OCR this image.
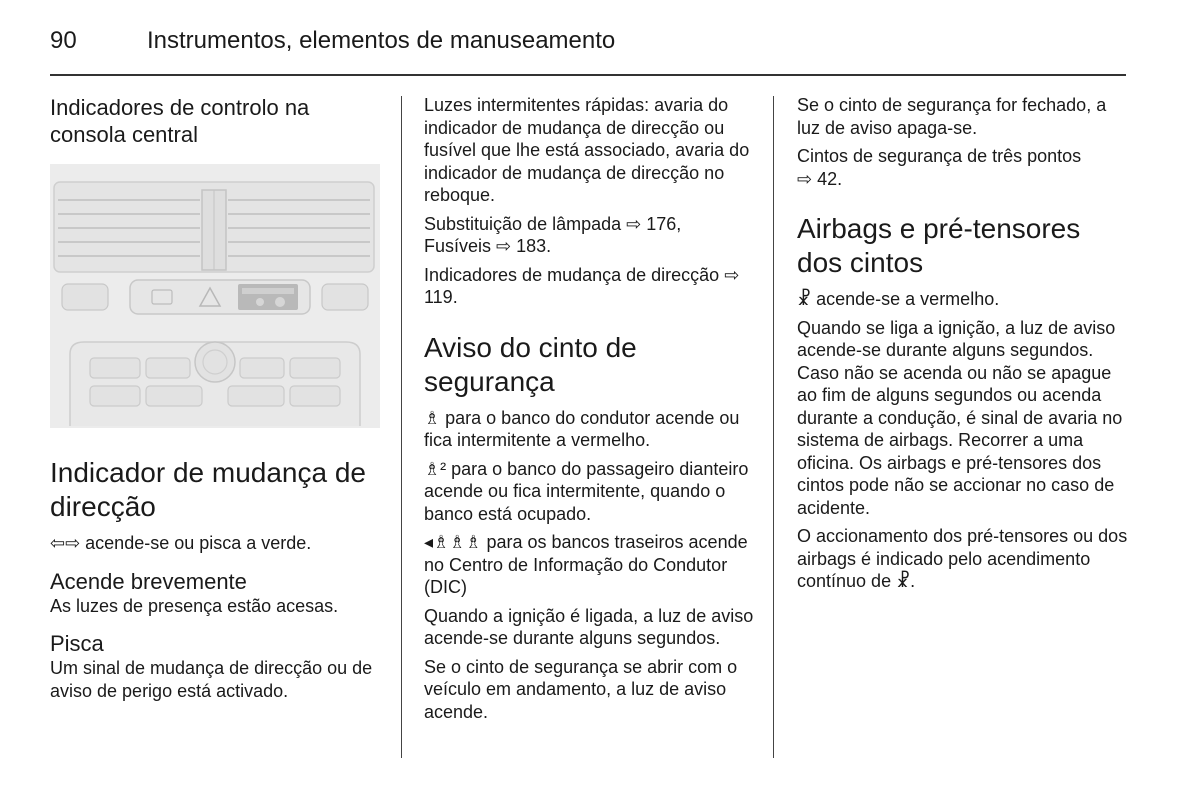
90	Instrumentos, elementos de manuseamento
Indicadores de controlo na consola central
Indicador de mudança de direcção

⇦⇨ acende-se ou pisca a verde.

Acende brevemente

As luzes de presença estão acesas.

Pisca

Um sinal de mudança de direcção ou de aviso de perigo está activado.

Luzes intermitentes rápidas: avaria do indicador de mudança de direcção ou fusível que lhe está associado, avaria do indicador de mudança de direcção no reboque.

Substituição de lâmpada ⇨ 176,
Fusíveis ⇨ 183.

Indicadores de mudança de direcção ⇨ 119.

Aviso do cinto de segurança

♗ para o banco do condutor acende ou fica intermitente a vermelho.

♗² para o banco do passageiro dianteiro acende ou fica intermitente, quando o banco está ocupado.

◂♗♗♗ para os bancos traseiros acende no Centro de Informação do Condutor (DIC)

Quando a ignição é ligada, a luz de aviso acende-se durante alguns segundos.

Se o cinto de segurança se abrir com o veículo em andamento, a luz de aviso acende.

Se o cinto de segurança for fechado, a luz de aviso apaga-se.

Cintos de segurança de três pontos
⇨ 42.

Airbags e pré-tensores dos cintos

☧ acende-se a vermelho.

Quando se liga a ignição, a luz de aviso acende-se durante alguns segundos. Caso não se acenda ou não se apague ao fim de alguns segundos ou acenda durante a condução, é sinal de avaria no sistema de airbags. Recorrer a uma oficina. Os airbags e pré-tensores dos cintos pode não se accionar no caso de acidente.

O accionamento dos pré-tensores ou dos airbags é indicado pelo acendimento contínuo de ☧.
